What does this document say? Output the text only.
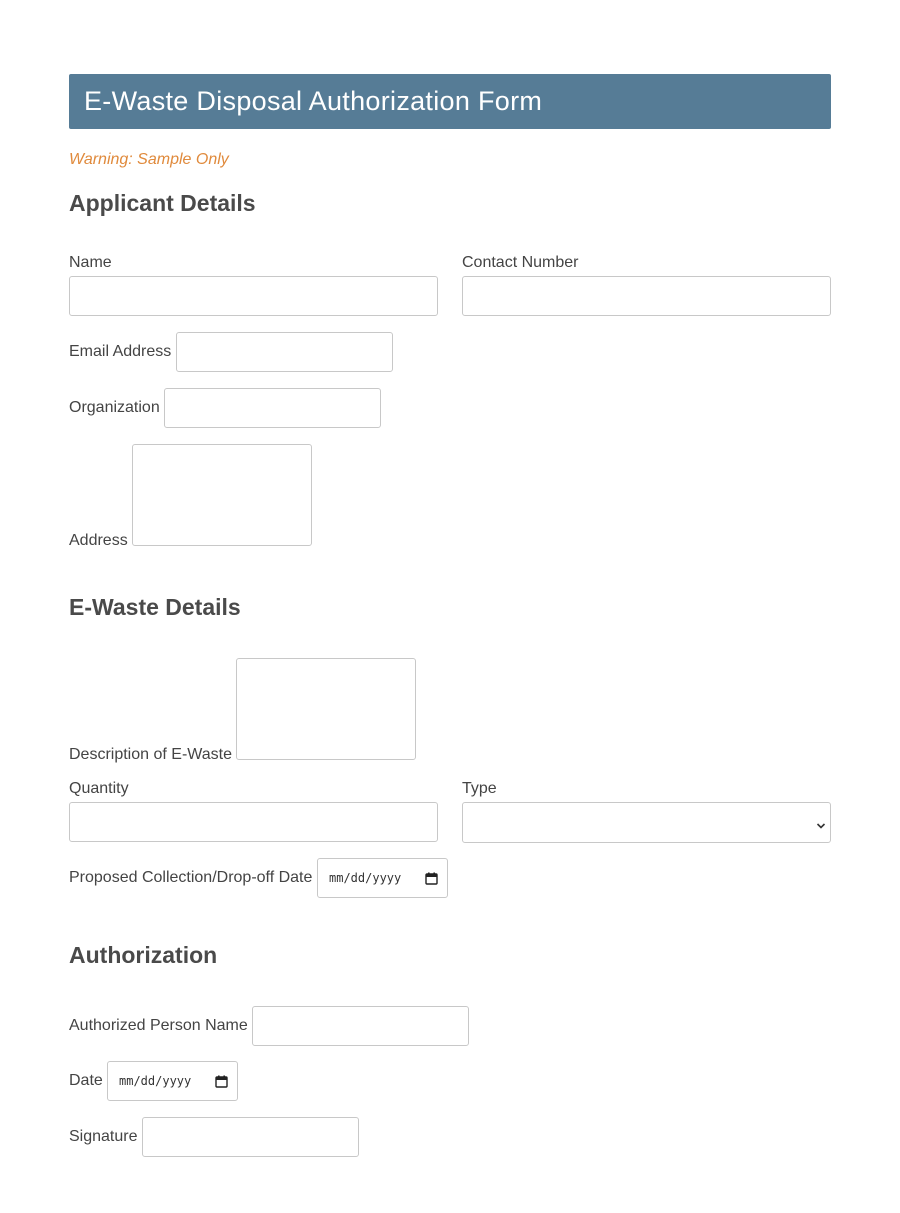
E-Waste Disposal Authorization Form
Warning: Sample Only
Applicant Details
Name	Contact Number
Email Address
Organization
Address
E-Waste Details
Description of E-Waste
Quantity	Type
Proposed Collection/Drop-off Date mm/dd/yyyy
Authorization
Authorized Person Name
Date mm/dd/yyyy
Signature
